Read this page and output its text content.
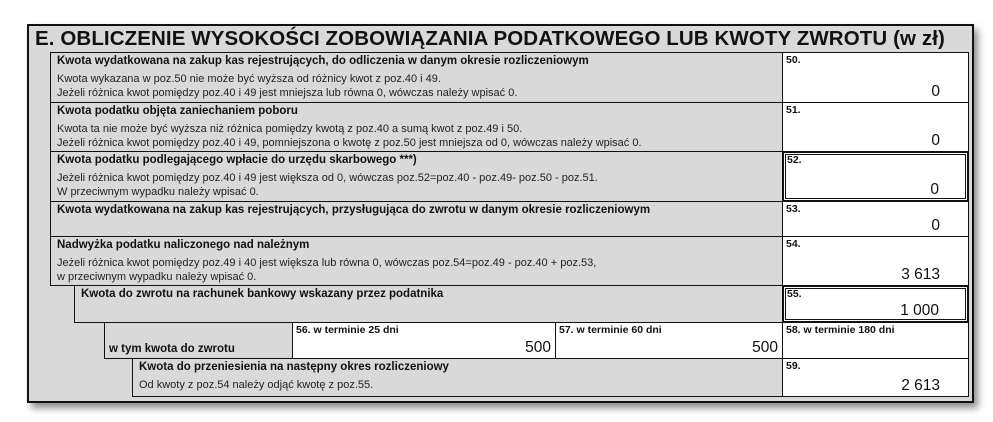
E. OBLICZENIE WYSOKOŚCI ZOBOWIĄZANIA PODATKOWEGO LUB KWOTY ZWROTU (w zł)
Kwota wydatkowana na zakup kas rejestrujących, do odliczenia w danym okresie rozliczeniowym
Kwota wykazana w poz.50 nie może być wyższa od różnicy kwot z poz.40 i 49.
Jeżeli różnica kwot pomiędzy poz.40 i 49 jest mniejsza lub równa 0, wówczas należy wpisać 0.
50.
0
Kwota podatku objęta zaniechaniem poboru
Kwota ta nie może być wyższa niż różnica pomiędzy kwotą z poz.40 a sumą kwot z poz.49 i 50.
Jeżeli różnica kwot pomiędzy poz.40 i 49, pomniejszona o kwotę z poz.50 jest mniejsza od 0, wówczas należy wpisać 0.
51.
0
Kwota podatku podlegającego wpłacie do urzędu skarbowego ***)
Jeżeli różnica kwot pomiędzy poz.40 i 49 jest większa od 0, wówczas poz.52=poz.40 - poz.49- poz.50 - poz.51.
W przeciwnym wypadku należy wpisać 0.
52.
0
Kwota wydatkowana na zakup kas rejestrujących, przysługująca do zwrotu w danym okresie rozliczeniowym	53.
0
Nadwyżka podatku naliczonego nad należnym
Jeżeli różnica kwot pomiędzy poz.49 i 40 jest większa lub równa 0, wówczas poz.54=poz.49 - poz.40 + poz.53,
w przeciwnym wypadku należy wpisać 0.
54.
3 613
Kwota do zwrotu na rachunek bankowy wskazany przez podatnika	55.
1 000
w tym kwota do zwrotu
56. w terminie 25 dni
500
57. w terminie 60 dni
500
58. w terminie 180 dni
Kwota do przeniesienia na następny okres rozliczeniowy
Od kwoty z poz.54 należy odjąć kwotę z poz.55.
59.
2 613
